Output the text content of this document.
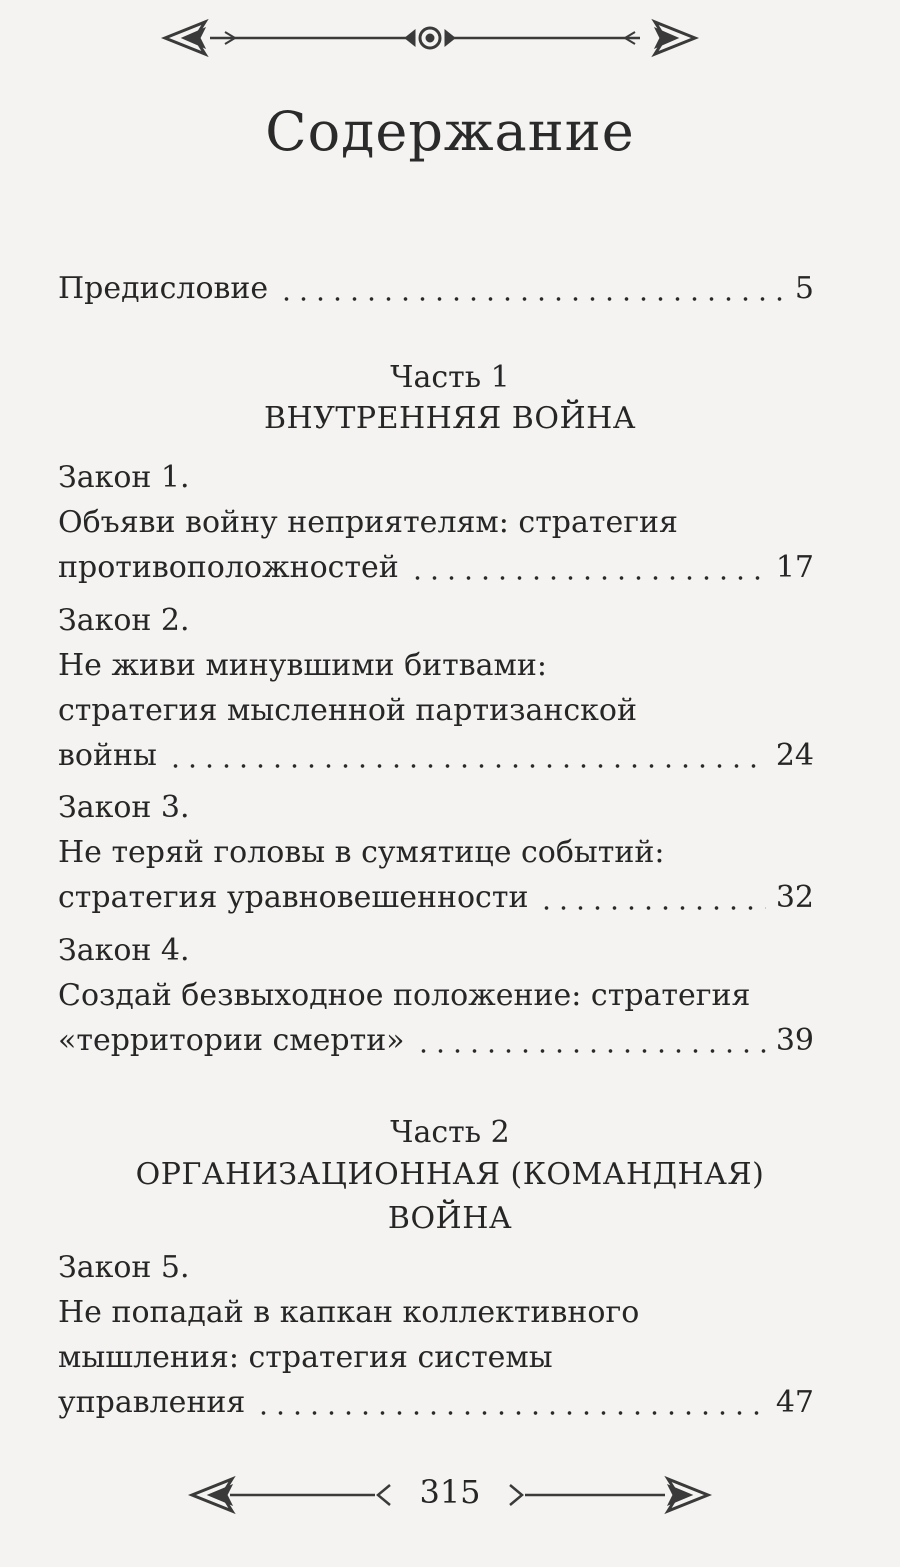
Содержание
Предисловие	5
Часть 1
ВНУТРЕННЯЯ ВОЙНА
Закон 1.
Объяви войну неприятелям: стратегия
противоположностей	17
Закон 2.
Не живи минувшими битвами:
стратегия мысленной партизанской
войны	24
Закон 3.
Не теряй головы в сумятице событий:
стратегия уравновешенности	32
Закон 4.
Создай безвыходное положение: стратегия
«территории смерти»	39
Часть 2
ОРГАНИЗАЦИОННАЯ (КОМАНДНАЯ)
ВОЙНА
Закон 5.
Не попадай в капкан коллективного
мышления: стратегия системы
управления	47
315
